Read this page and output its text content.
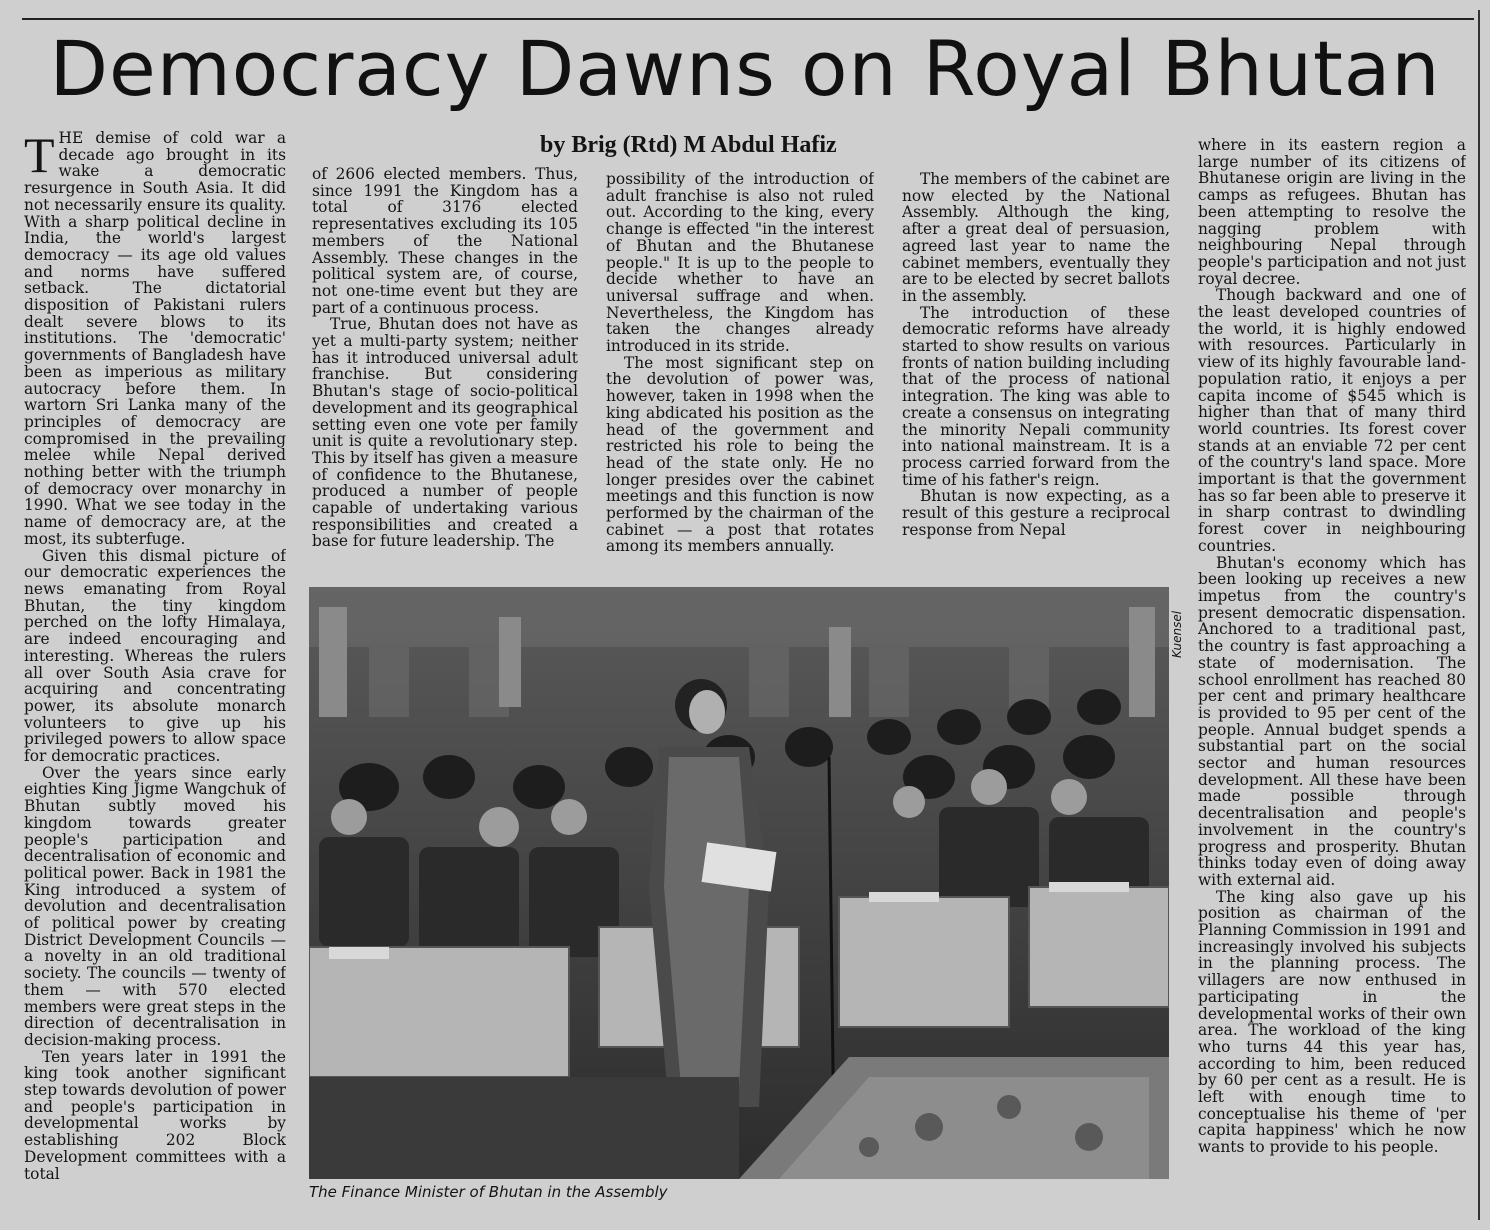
Democracy Dawns on Royal Bhutan
by Brig (Rtd) M Abdul Hafiz

THE demise of cold war a decade ago brought in its wake a democratic resurgence in South Asia. It did not necessarily ensure its quality. With a sharp political decline in India, the world's largest democracy — its age old values and norms have suffered setback. The dictatorial disposition of Pakistani rulers dealt severe blows to its institutions. The 'democratic' governments of Bangladesh have been as imperious as military autocracy before them. In wartorn Sri Lanka many of the principles of democracy are compromised in the prevailing melee while Nepal derived nothing better with the triumph of democracy over monarchy in 1990. What we see today in the name of democracy are, at the most, its subterfuge.

Given this dismal picture of our democratic experiences the news emanating from Royal Bhutan, the tiny kingdom perched on the lofty Himalaya, are indeed encouraging and interesting. Whereas the rulers all over South Asia crave for acquiring and concentrating power, its absolute monarch volunteers to give up his privileged powers to allow space for democratic practices.

Over the years since early eighties King Jigme Wangchuk of Bhutan subtly moved his kingdom towards greater people's participation and decentralisation of economic and political power. Back in 1981 the King introduced a system of devolution and decentralisation of political power by creating District Development Councils — a novelty in an old traditional society. The councils — twenty of them — with 570 elected members were great steps in the direction of decentralisation in decision-making process.

Ten years later in 1991 the king took another significant step towards devolution of power and people's participation in developmental works by establishing 202 Block Development committees with a total

of 2606 elected members. Thus, since 1991 the Kingdom has a total of 3176 elected representatives excluding its 105 members of the National Assembly. These changes in the political system are, of course, not one-time event but they are part of a continuous process.

True, Bhutan does not have as yet a multi-party system; neither has it introduced universal adult franchise. But considering Bhutan's stage of socio-political development and its geographical setting even one vote per family unit is quite a revolutionary step. This by itself has given a measure of confidence to the Bhutanese, produced a number of people capable of undertaking various responsibilities and created a base for future leadership. The

possibility of the introduction of adult franchise is also not ruled out. According to the king, every change is effected "in the interest of Bhutan and the Bhutanese people." It is up to the people to decide whether to have an universal suffrage and when. Nevertheless, the Kingdom has taken the changes already introduced in its stride.

The most significant step on the devolution of power was, however, taken in 1998 when the king abdicated his position as the head of the government and restricted his role to being the head of the state only. He no longer presides over the cabinet meetings and this function is now performed by the chairman of the cabinet — a post that rotates among its members annually.

The members of the cabinet are now elected by the National Assembly. Although the king, after a great deal of persuasion, agreed last year to name the cabinet members, eventually they are to be elected by secret ballots in the assembly.

The introduction of these democratic reforms have already started to show results on various fronts of nation building including that of the process of national integration. The king was able to create a consensus on integrating the minority Nepali community into national mainstream. It is a process carried forward from the time of his father's reign.

Bhutan is now expecting, as a result of this gesture a reciprocal response from Nepal

where in its eastern region a large number of its citizens of Bhutanese origin are living in the camps as refugees. Bhutan has been attempting to resolve the nagging problem with neighbouring Nepal through people's participation and not just royal decree.

Though backward and one of the least developed countries of the world, it is highly endowed with resources. Particularly in view of its highly favourable land-population ratio, it enjoys a per capita income of $545 which is higher than that of many third world countries. Its forest cover stands at an enviable 72 per cent of the country's land space. More important is that the government has so far been able to preserve it in sharp contrast to dwindling forest cover in neighbouring countries.

Bhutan's economy which has been looking up receives a new impetus from the country's present democratic dispensation. Anchored to a traditional past, the country is fast approaching a state of modernisation. The school enrollment has reached 80 per cent and primary healthcare is provided to 95 per cent of the people. Annual budget spends a substantial part on the social sector and human resources development. All these have been made possible through decentralisation and people's involvement in the country's progress and prosperity. Bhutan thinks today even of doing away with external aid.

The king also gave up his position as chairman of the Planning Commission in 1991 and increasingly involved his subjects in the planning process. The villagers are now enthused in participating in the developmental works of their own area. The workload of the king who turns 44 this year has, according to him, been reduced by 60 per cent as a result. He is left with enough time to conceptualise his theme of 'per capita happiness' which he now wants to provide to his people.

Kuensel
The Finance Minister of Bhutan in the Assembly
